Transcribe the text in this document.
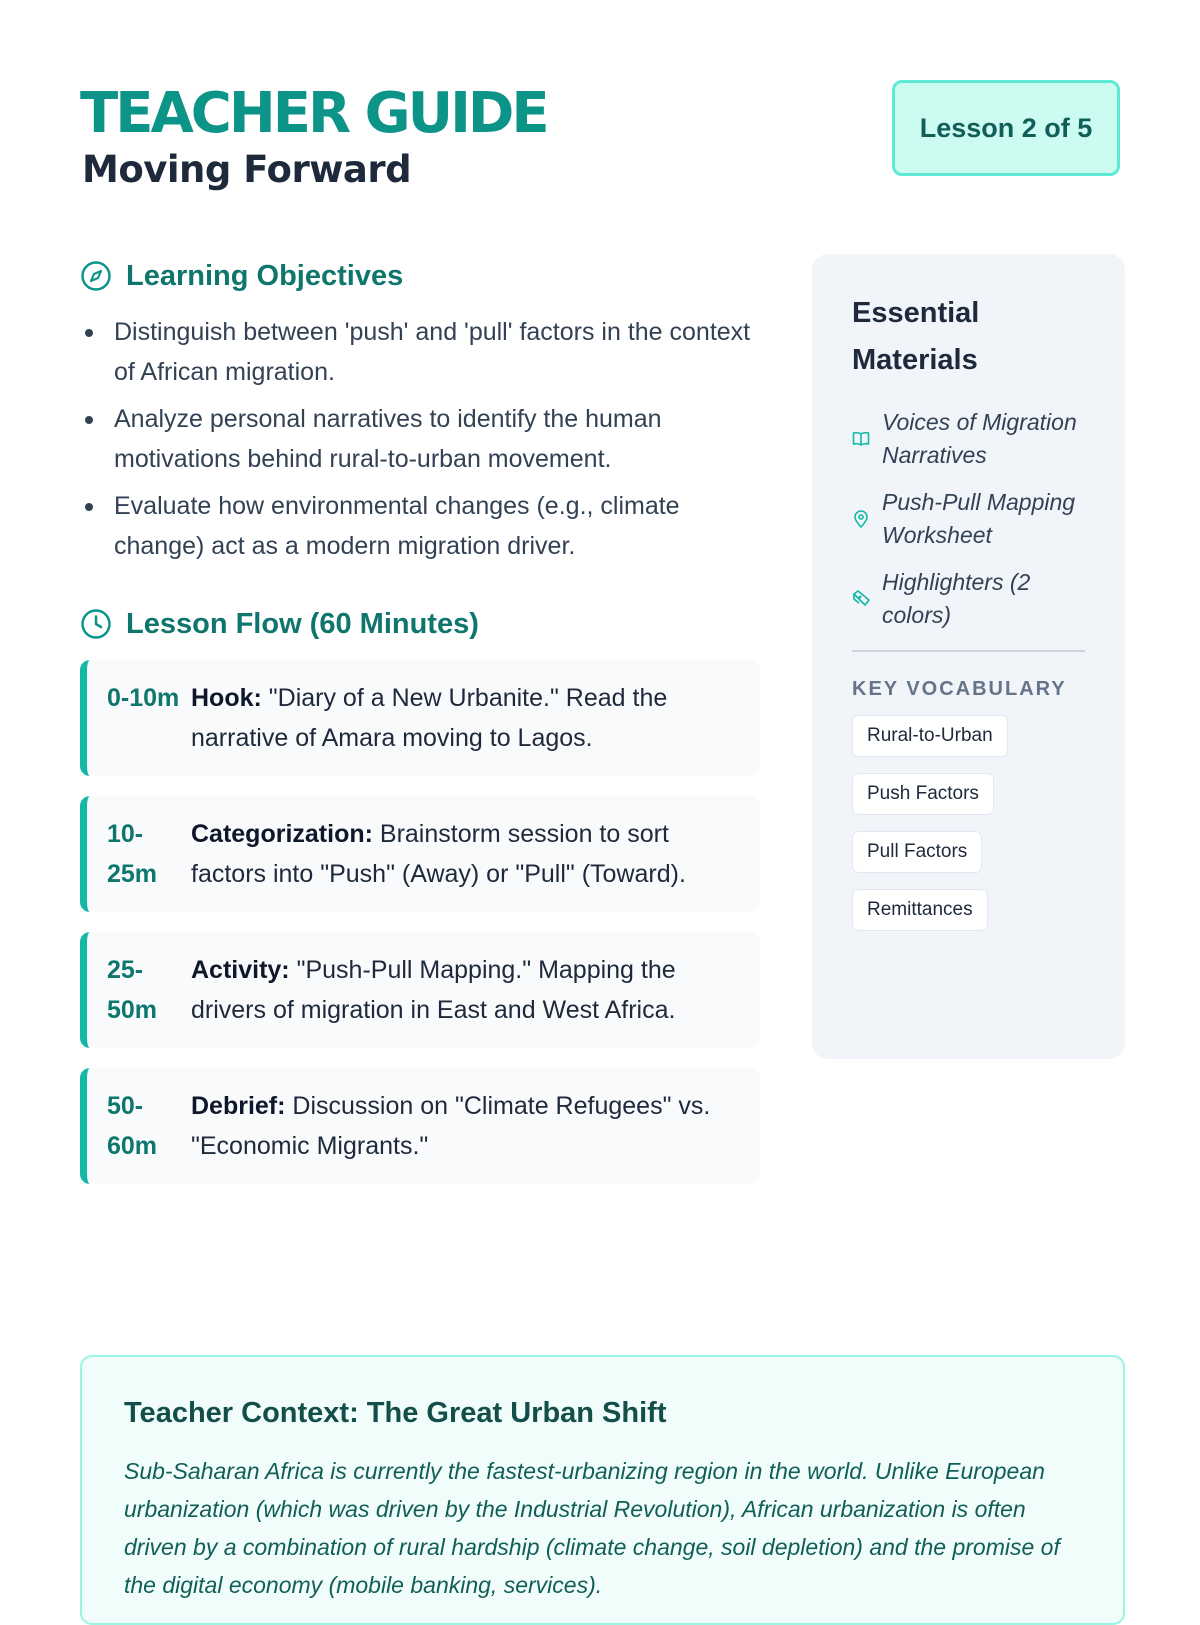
TEACHER GUIDE
Moving Forward
Lesson 2 of 5
Learning Objectives
Distinguish between 'push' and 'pull' factors in the context of African migration.
Analyze personal narratives to identify the human motivations behind rural-to-urban movement.
Evaluate how environmental changes (e.g., climate change) act as a modern migration driver.
Lesson Flow (60 Minutes)
0-10m Hook: "Diary of a New Urbanite." Read the narrative of Amara moving to Lagos.
10-25m
Categorization: Brainstorm session to sort factors into "Push" (Away) or "Pull" (Toward).
25-50m
Activity: "Push-Pull Mapping." Mapping the drivers of migration in East and West Africa.
50-60m
Debrief: Discussion on "Climate Refugees" vs. "Economic Migrants."
Essential Materials
Voices of Migration Narratives
Push-Pull Mapping Worksheet
Highlighters (2 colors)
KEY VOCABULARY
Rural-to-Urban
Push Factors
Pull Factors
Remittances
Teacher Context: The Great Urban Shift

Sub-Saharan Africa is currently the fastest-urbanizing region in the world. Unlike European urbanization (which was driven by the Industrial Revolution), African urbanization is often driven by a combination of rural hardship (climate change, soil depletion) and the promise of the digital economy (mobile banking, services).
